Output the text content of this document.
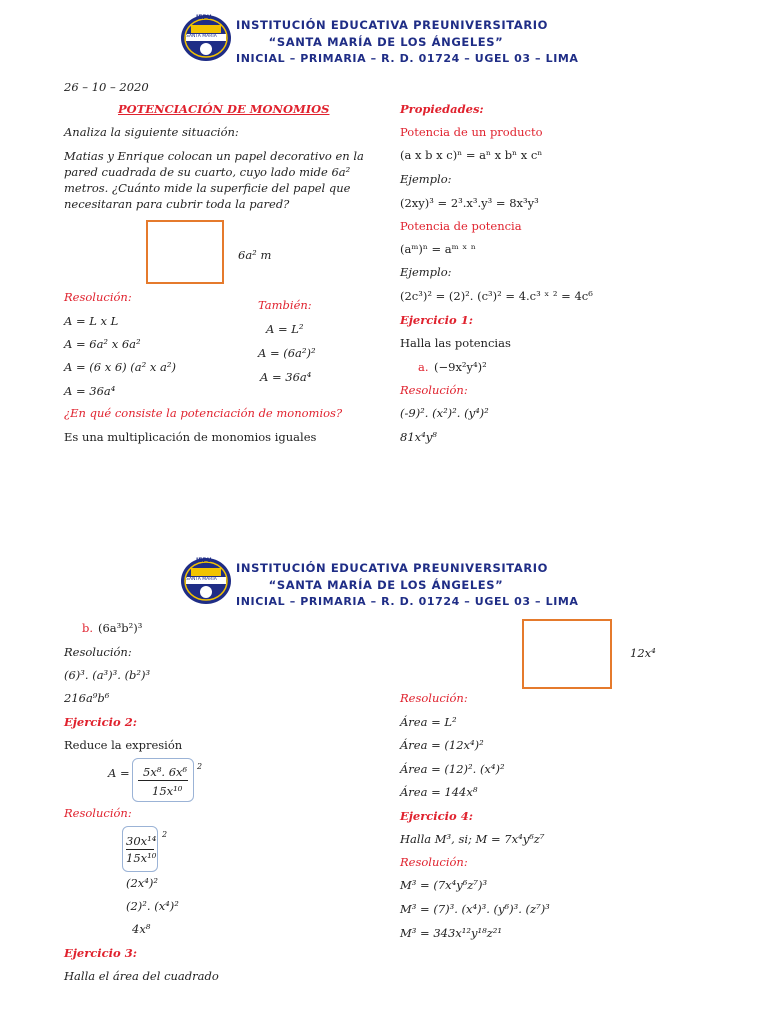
IEPU
SANTA MARIA
INSTITUCIÓN EDUCATIVA PREUNIVERSITARIO
“SANTA MARÍA DE LOS ÁNGELES”
INICIAL – PRIMARIA – R. D. 01724 – UGEL 03 – LIMA
26 – 10 – 2020
POTENCIACIÓN DE MONOMIOS
Analiza la siguiente situación:
Matias y Enrique colocan un papel decorativo en la
pared cuadrada de su cuarto, cuyo lado mide 6a²
metros. ¿Cuánto mide la superficie del papel que
necesitaran para cubrir toda la pared?
6a² m
Resolución:
A = L x L
A = 6a² x 6a²
A = (6 x 6) (a² x a²)
A = 36a⁴
También:
A = L²
A = (6a²)²
A = 36a⁴
¿En qué consiste la potenciación de monomios?
Es una multiplicación de monomios iguales
Propiedades:
Potencia de un producto
(a x b x c)ⁿ = aⁿ x bⁿ x cⁿ
Ejemplo:
(2xy)³ = 2³.x³.y³ = 8x³y³
Potencia de potencia
(aᵐ)ⁿ = aᵐ ˣ ⁿ
Ejemplo:
(2c³)² = (2)². (c³)² = 4.c³ ˣ ² = 4c⁶
Ejercicio 1:
Halla las potencias
a. (−9x²y⁴)²
Resolución:
(-9)². (x²)². (y⁴)²
81x⁴y⁸
IEPU
SANTA MARIA
INSTITUCIÓN EDUCATIVA PREUNIVERSITARIO
“SANTA MARÍA DE LOS ÁNGELES”
INICIAL – PRIMARIA – R. D. 01724 – UGEL 03 – LIMA
b. (6a³b²)³
Resolución:
(6)³. (a³)³. (b²)³
216a⁹b⁶
Ejercicio 2:
Reduce la expresión
A = 5x⁸. 6x⁶
15x¹⁰
2
Resolución:
30x¹⁴
15x¹⁰
2
(2x⁴)²
(2)². (x⁴)²
4x⁸
Ejercicio 3:
Halla el área del cuadrado
12x⁴
Resolución:
Área = L²
Área = (12x⁴)²
Área = (12)². (x⁴)²
Área = 144x⁸
Ejercicio 4:
Halla M³, si; M = 7x⁴y⁶z⁷
Resolución:
M³ = (7x⁴y⁶z⁷)³
M³ = (7)³. (x⁴)³. (y⁶)³. (z⁷)³
M³ = 343x¹²y¹⁸z²¹
